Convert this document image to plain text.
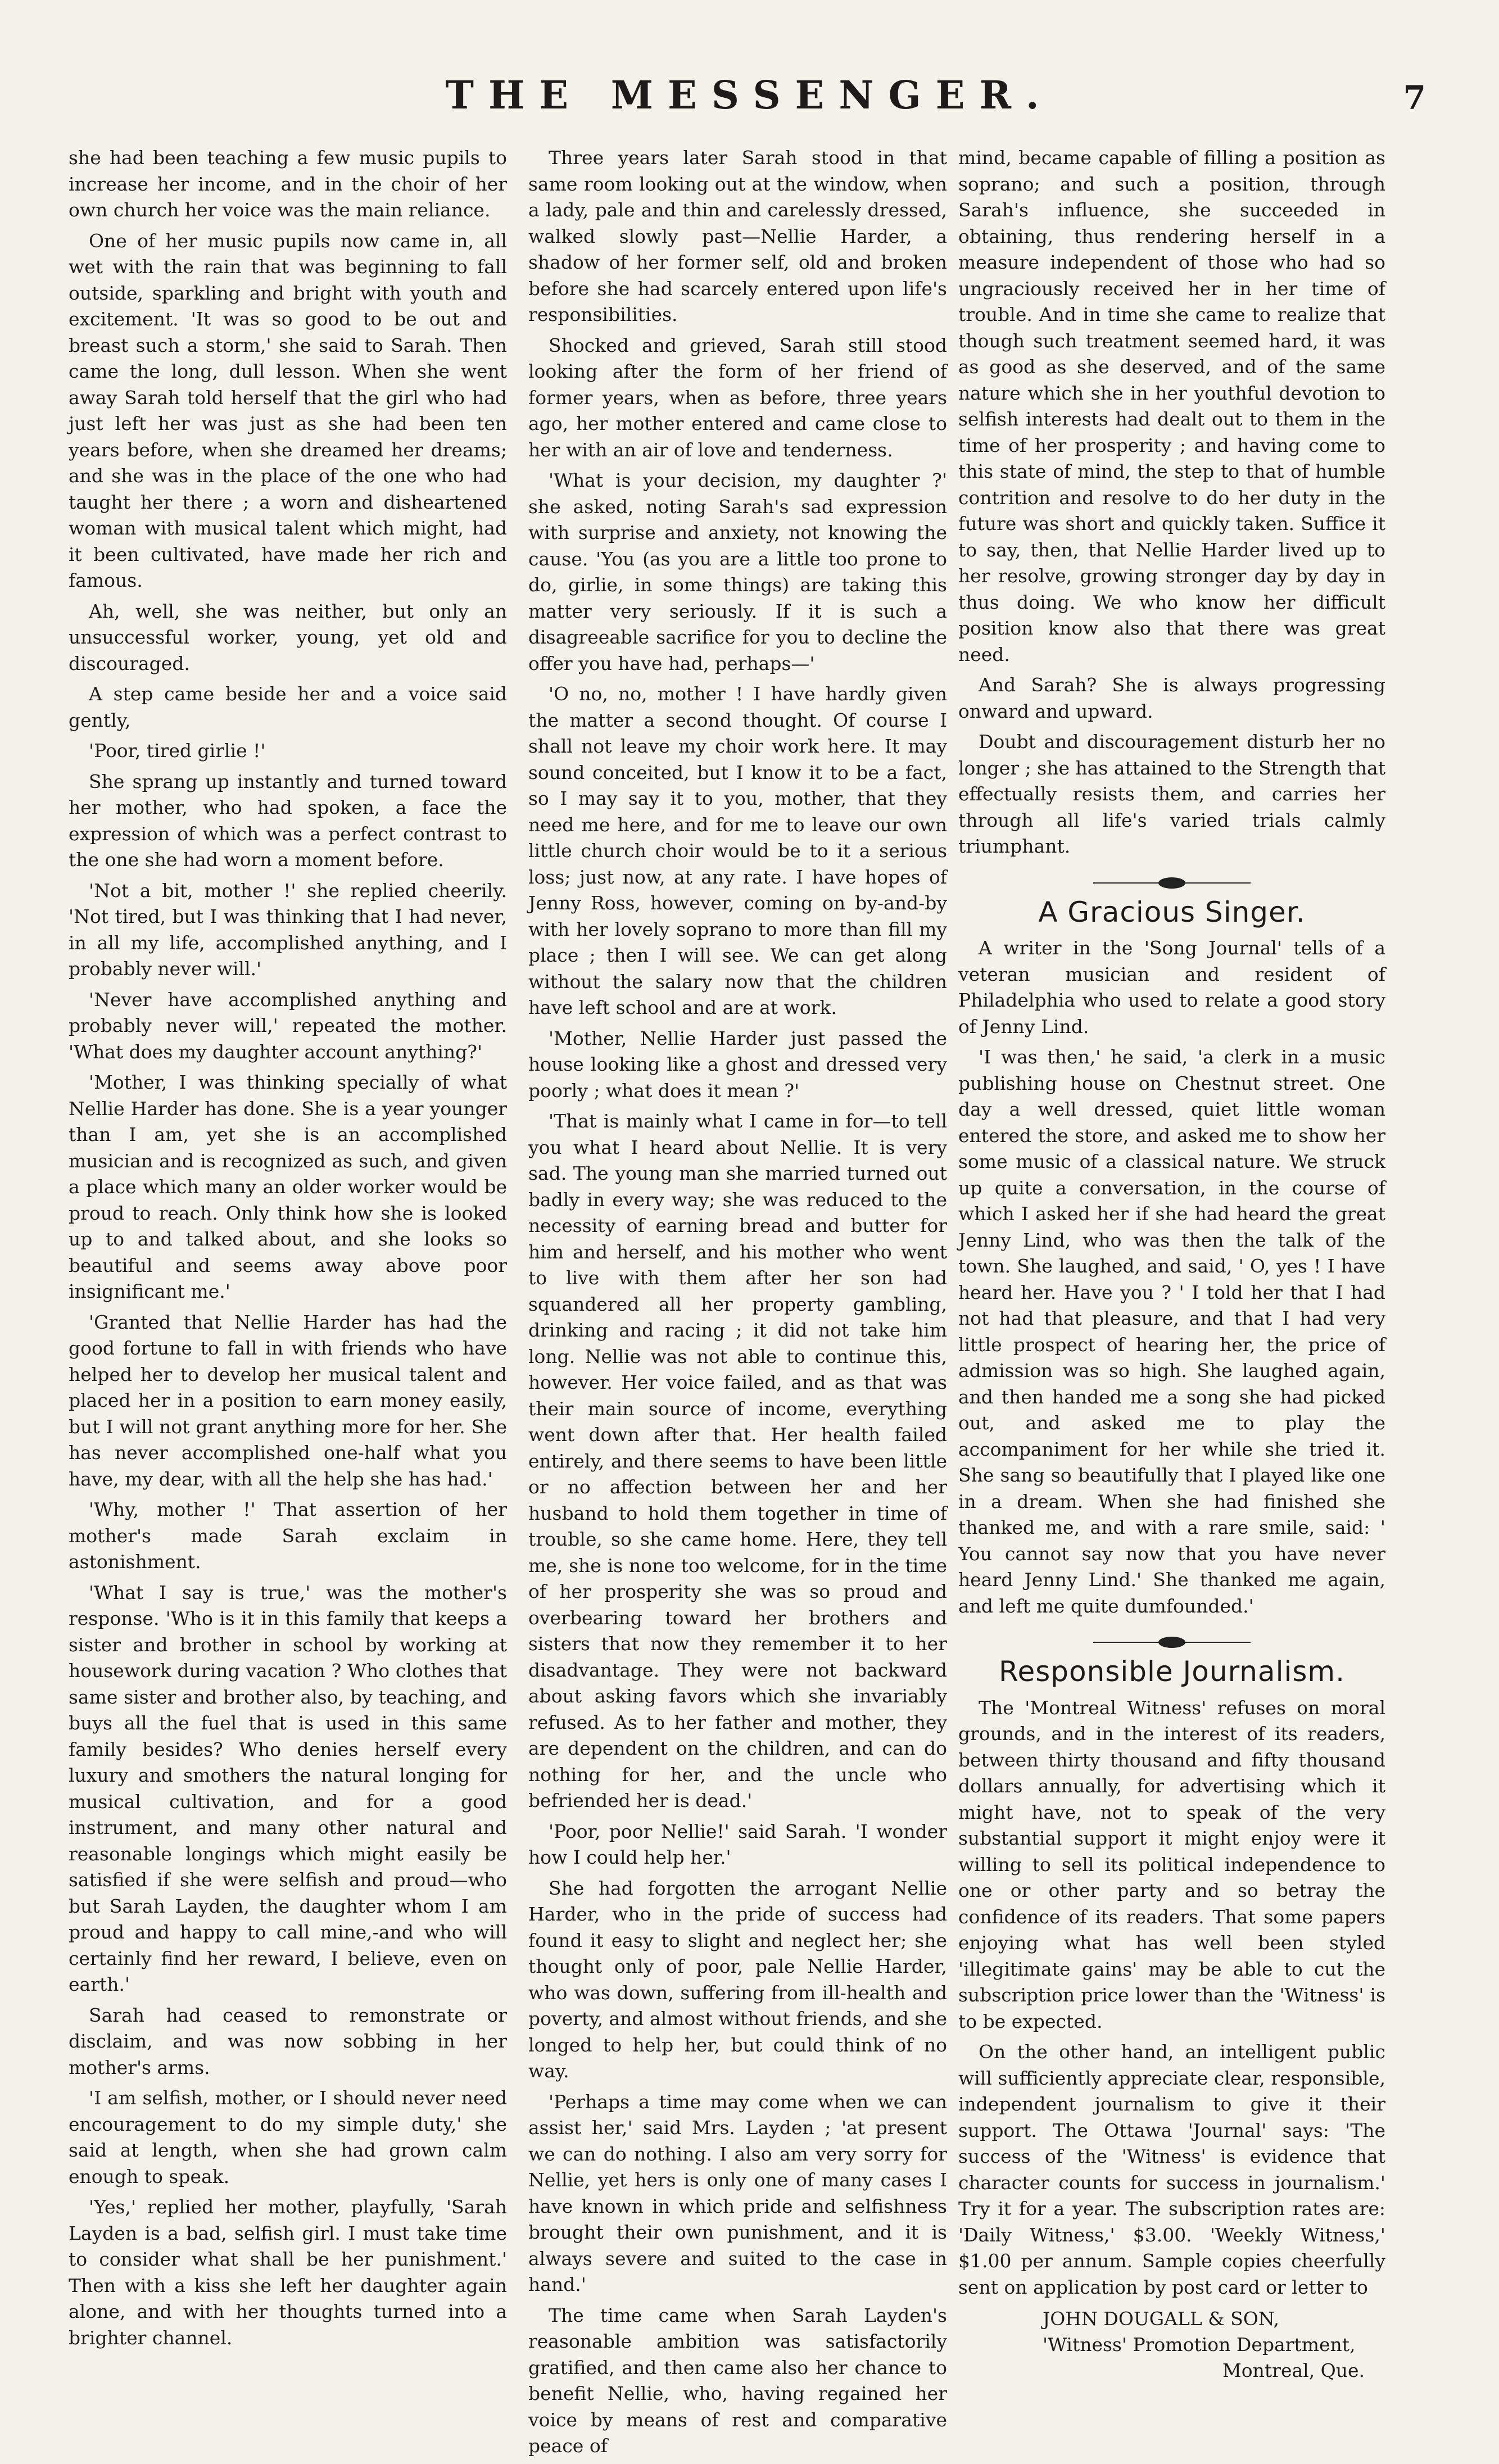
THE MESSENGER.	7

she had been teaching a few music pupils to increase her income, and in the choir of her own church her voice was the main reliance.

One of her music pupils now came in, all wet with the rain that was beginning to fall outside, sparkling and bright with youth and excitement. 'It was so good to be out and breast such a storm,' she said to Sarah. Then came the long, dull lesson. When she went away Sarah told herself that the girl who had just left her was just as she had been ten years before, when she dreamed her dreams; and she was in the place of the one who had taught her there ; a worn and disheartened woman with musical talent which might, had it been cultivated, have made her rich and famous.

Ah, well, she was neither, but only an unsuccessful worker, young, yet old and discouraged.

A step came beside her and a voice said gently,

'Poor, tired girlie !'

She sprang up instantly and turned toward her mother, who had spoken, a face the expression of which was a perfect contrast to the one she had worn a moment before.

'Not a bit, mother !' she replied cheerily. 'Not tired, but I was thinking that I had never, in all my life, accomplished anything, and I probably never will.'

'Never have accomplished anything and probably never will,' repeated the mother. 'What does my daughter account anything?'

'Mother, I was thinking specially of what Nellie Harder has done. She is a year younger than I am, yet she is an accomplished musician and is recognized as such, and given a place which many an older worker would be proud to reach. Only think how she is looked up to and talked about, and she looks so beautiful and seems away above poor insignificant me.'

'Granted that Nellie Harder has had the good fortune to fall in with friends who have helped her to develop her musical talent and placed her in a position to earn money easily, but I will not grant anything more for her. She has never accomplished one-half what you have, my dear, with all the help she has had.'

'Why, mother !' That assertion of her mother's made Sarah exclaim in astonishment.

'What I say is true,' was the mother's response. 'Who is it in this family that keeps a sister and brother in school by working at housework during vacation ? Who clothes that same sister and brother also, by teaching, and buys all the fuel that is used in this same family besides? Who denies herself every luxury and smothers the natural longing for musical cultivation, and for a good instrument, and many other natural and reasonable longings which might easily be satisfied if she were selfish and proud—who but Sarah Layden, the daughter whom I am proud and happy to call mine,-and who will certainly find her reward, I believe, even on earth.'

Sarah had ceased to remonstrate or disclaim, and was now sobbing in her mother's arms.

'I am selfish, mother, or I should never need encouragement to do my simple duty,' she said at length, when she had grown calm enough to speak.

'Yes,' replied her mother, playfully, 'Sarah Layden is a bad, selfish girl. I must take time to consider what shall be her punishment.' Then with a kiss she left her daughter again alone, and with her thoughts turned into a brighter channel.

Three years later Sarah stood in that same room looking out at the window, when a lady, pale and thin and carelessly dressed, walked slowly past—Nellie Harder, a shadow of her former self, old and broken before she had scarcely entered upon life's responsibilities.

Shocked and grieved, Sarah still stood looking after the form of her friend of former years, when as before, three years ago, her mother entered and came close to her with an air of love and tenderness.

'What is your decision, my daughter ?' she asked, noting Sarah's sad expression with surprise and anxiety, not knowing the cause. 'You (as you are a little too prone to do, girlie, in some things) are taking this matter very seriously. If it is such a disagreeable sacrifice for you to decline the offer you have had, perhaps—'

'O no, no, mother ! I have hardly given the matter a second thought. Of course I shall not leave my choir work here. It may sound conceited, but I know it to be a fact, so I may say it to you, mother, that they need me here, and for me to leave our own little church choir would be to it a serious loss; just now, at any rate. I have hopes of Jenny Ross, however, coming on by-and-by with her lovely soprano to more than fill my place ; then I will see. We can get along without the salary now that the children have left school and are at work.

'Mother, Nellie Harder just passed the house looking like a ghost and dressed very poorly ; what does it mean ?'

'That is mainly what I came in for—to tell you what I heard about Nellie. It is very sad. The young man she married turned out badly in every way; she was reduced to the necessity of earning bread and butter for him and herself, and his mother who went to live with them after her son had squandered all her property gambling, drinking and racing ; it did not take him long. Nellie was not able to continue this, however. Her voice failed, and as that was their main source of income, everything went down after that. Her health failed entirely, and there seems to have been little or no affection between her and her husband to hold them together in time of trouble, so she came home. Here, they tell me, she is none too welcome, for in the time of her prosperity she was so proud and overbearing toward her brothers and sisters that now they remember it to her disadvantage. They were not backward about asking favors which she invariably refused. As to her father and mother, they are dependent on the children, and can do nothing for her, and the uncle who befriended her is dead.'

'Poor, poor Nellie!' said Sarah. 'I wonder how I could help her.'

She had forgotten the arrogant Nellie Harder, who in the pride of success had found it easy to slight and neglect her; she thought only of poor, pale Nellie Harder, who was down, suffering from ill-health and poverty, and almost without friends, and she longed to help her, but could think of no way.

'Perhaps a time may come when we can assist her,' said Mrs. Layden ; 'at present we can do nothing. I also am very sorry for Nellie, yet hers is only one of many cases I have known in which pride and selfishness brought their own punishment, and it is always severe and suited to the case in hand.'

The time came when Sarah Layden's reasonable ambition was satisfactorily gratified, and then came also her chance to benefit Nellie, who, having regained her voice by means of rest and comparative peace of

mind, became capable of filling a position as soprano; and such a position, through Sarah's influence, she succeeded in obtaining, thus rendering herself in a measure independent of those who had so ungraciously received her in her time of trouble. And in time she came to realize that though such treatment seemed hard, it was as good as she deserved, and of the same nature which she in her youthful devotion to selfish interests had dealt out to them in the time of her prosperity ; and having come to this state of mind, the step to that of humble contrition and resolve to do her duty in the future was short and quickly taken. Suffice it to say, then, that Nellie Harder lived up to her resolve, growing stronger day by day in thus doing. We who know her difficult position know also that there was great need.

And Sarah? She is always progressing onward and upward.

Doubt and discouragement disturb her no longer ; she has attained to the Strength that effectually resists them, and carries her through all life's varied trials calmly triumphant.

A Gracious Singer.

A writer in the 'Song Journal' tells of a veteran musician and resident of Philadelphia who used to relate a good story of Jenny Lind.

'I was then,' he said, 'a clerk in a music publishing house on Chestnut street. One day a well dressed, quiet little woman entered the store, and asked me to show her some music of a classical nature. We struck up quite a conversation, in the course of which I asked her if she had heard the great Jenny Lind, who was then the talk of the town. She laughed, and said, ' O, yes ! I have heard her. Have you ? ' I told her that I had not had that pleasure, and that I had very little prospect of hearing her, the price of admission was so high. She laughed again, and then handed me a song she had picked out, and asked me to play the accompaniment for her while she tried it. She sang so beautifully that I played like one in a dream. When she had finished she thanked me, and with a rare smile, said: ' You cannot say now that you have never heard Jenny Lind.' She thanked me again, and left me quite dumfounded.'

Responsible Journalism.

The 'Montreal Witness' refuses on moral grounds, and in the interest of its readers, between thirty thousand and fifty thousand dollars annually, for advertising which it might have, not to speak of the very substantial support it might enjoy were it willing to sell its political independence to one or other party and so betray the confidence of its readers. That some papers enjoying what has well been styled 'illegitimate gains' may be able to cut the subscription price lower than the 'Witness' is to be expected.

On the other hand, an intelligent public will sufficiently appreciate clear, responsible, independent journalism to give it their support. The Ottawa 'Journal' says: 'The success of the 'Witness' is evidence that character counts for success in journalism.' Try it for a year. The subscription rates are: 'Daily Witness,' $3.00. 'Weekly Witness,' $1.00 per annum. Sample copies cheerfully sent on application by post card or letter to

JOHN DOUGALL & SON,
'Witness' Promotion Department,
Montreal, Que.
